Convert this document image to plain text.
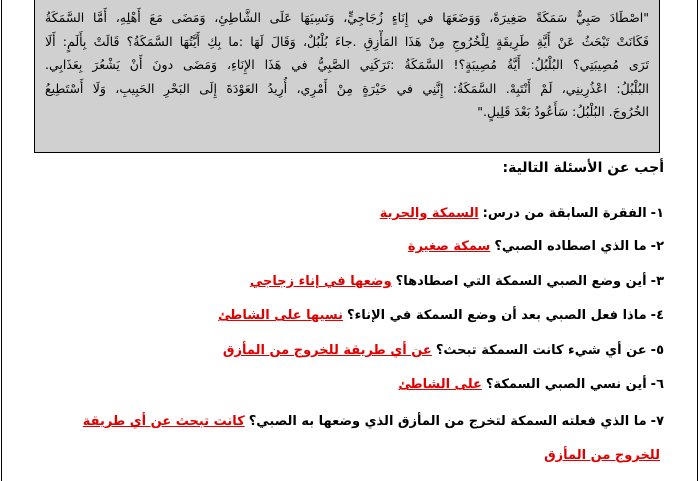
"اصْطَادَ صَبِيٌّ سَمَكَةً صَغِيرَةً، وَوَضَعَهَا في إِنَاءٍ زُجَاجِيٍّ، وَنَسِيَهَا عَلَى الشَّاطِئِ، وَمَضَى مَعَ أَهْلِهِ، أَمَّا السَّمَكَةُ
فَكَانَتْ تَبْحَثُ عَنْ أَيَّةِ طَرِيقَةٍ لِلْخُرُوجِ مِنْ هَذَا المَأْزِقِ .جاءَ بُلْبُلٌ، وَقَالَ لَهَا :ما بِكِ أَيَّتُهَا السَّمَكَةُ؟ قَالَتْ بِأَلَمٍ: أَلَا
تَرَى مُصِيبَتِي؟ البُلْبُلُ: أَيَّةُ مُصِيبَةٍ؟! السَّمَكَةُ :تَرَكَنِي الصَّبِيُّ في هَذَا الإِنَاءِ، وَمَضَى دونَ أَنْ يَشْعُرَ بِعَذَابِي.
البُلْبُلُ: اعْذُرِينِي، لَمْ أَنْتَبِهْ. السَّمَكَةُ: إِنَّنِي في حَيْرَةٍ مِنْ أَمْرِي، أُرِيدُ العَوْدَةَ إِلَى البَحْرِ الحَبِيبِ، وَلَا أَسْتَطِيعُ
الخُرُوجَ. البُلْبُلُ: سَأَعُودُ بَعْدَ قَلِيلٍ."
أجب عن الأسئلة التالية:
١-الفقرة السابقة من درس:السمكة والحرية
٢-ما الذي اصطاده الصبي؟سمكة صغيرة
٣-أين وضع الصبي السمكة التي اصطادها؟وضعها في إناء زجاجي
٤-ماذا فعل الصبي بعد أن وضع السمكة في الإناء؟نسيها على الشاطئ
٥-عن أي شيء كانت السمكة تبحث؟عن أي طريقة للخروج من المأزق
٦-أين نسي الصبي السمكة؟على الشاطئ
٧-ما الذي فعلته السمكة لتخرج من المأزق الذي وضعها به الصبي؟كانت تبحث عن أي طريقة
للخروج من المأزق
